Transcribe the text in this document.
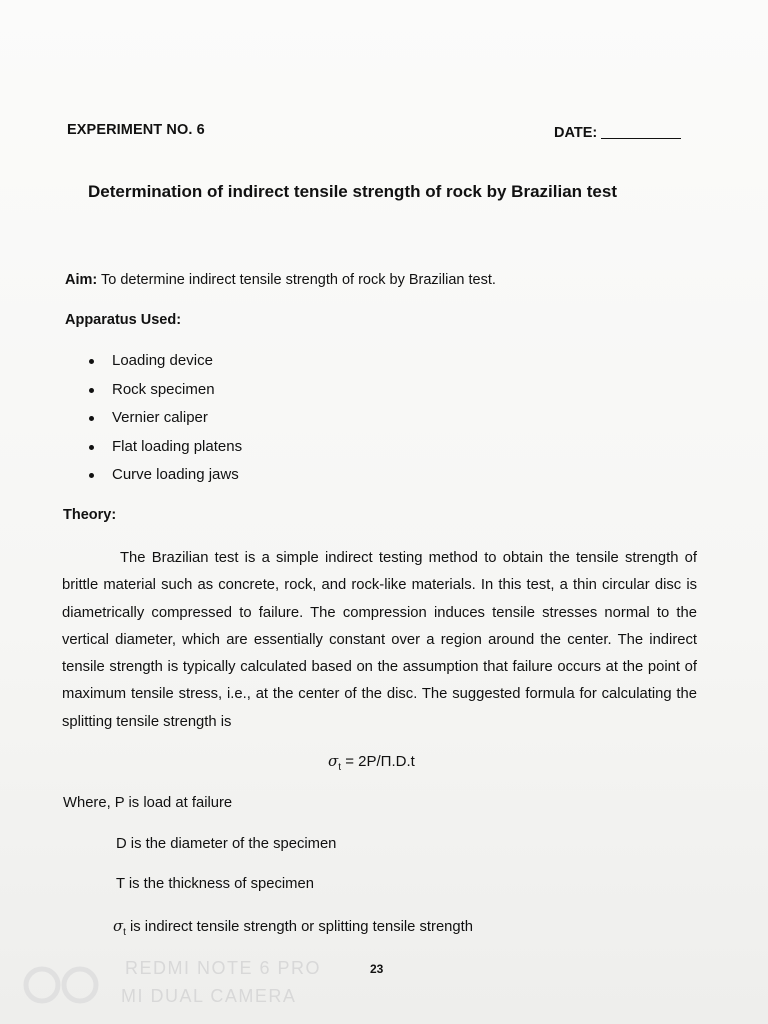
EXPERIMENT NO. 6	DATE:
Determination of indirect tensile strength of rock by Brazilian test
Aim: To determine indirect tensile strength of rock by Brazilian test.
Apparatus Used:
Loading device
Rock specimen
Vernier caliper
Flat loading platens
Curve loading jaws
Theory:

The Brazilian test is a simple indirect testing method to obtain the tensile strength of brittle material such as concrete, rock, and rock-like materials. In this test, a thin circular disc is diametrically compressed to failure. The compression induces tensile stresses normal to the vertical diameter, which are essentially constant over a region around the center. The indirect tensile strength is typically calculated based on the assumption that failure occurs at the point of maximum tensile stress, i.e., at the center of the disc. The suggested formula for calculating the splitting tensile strength is

$\sigma_t = 2P/\Pi.D.t$
Where, P is load at failure
D is the diameter of the specimen
T is the thickness of specimen
$\sigma_t$ is indirect tensile strength or splitting tensile strength
23
REDMI NOTE 6 PRO
MI DUAL CAMERA
